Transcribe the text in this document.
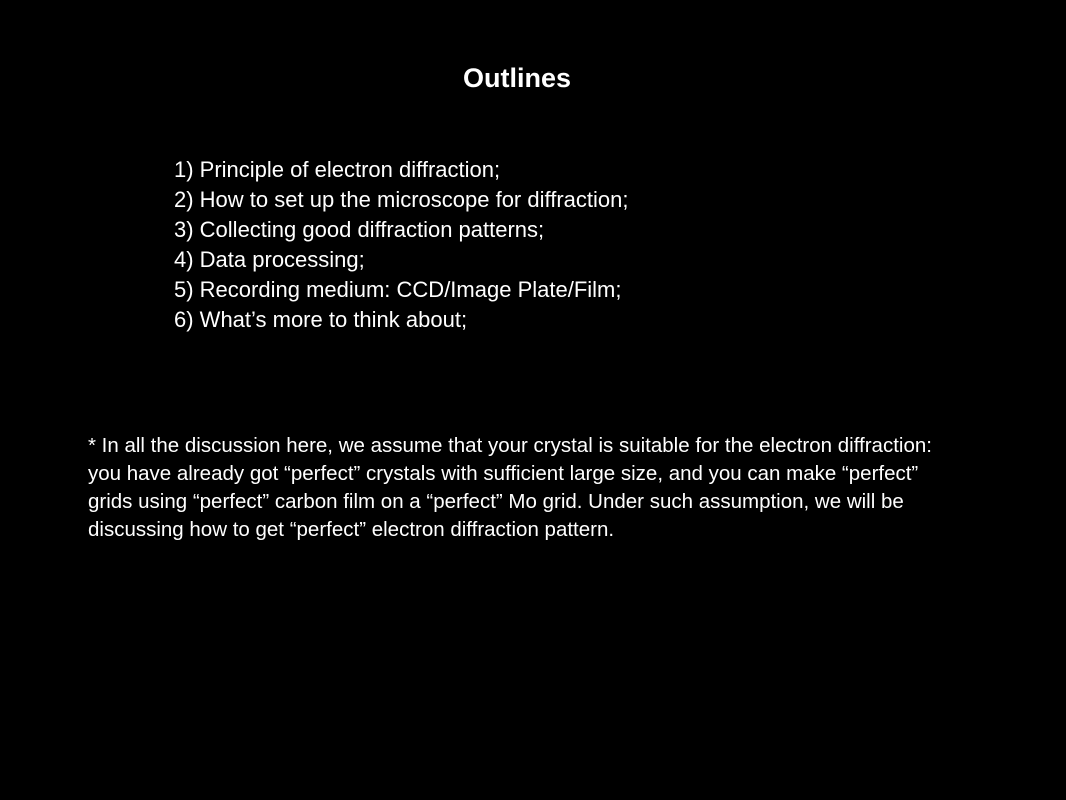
Outlines
1) Principle of electron diffraction;
2) How to set up the microscope for diffraction;
3) Collecting good diffraction patterns;
4) Data processing;
5) Recording medium: CCD/Image Plate/Film;
6) What’s more to think about;

* In all the discussion here, we assume that your crystal is suitable for the electron diffraction: you have already got “perfect” crystals with sufficient large size, and you can make “perfect” grids using “perfect” carbon film on a “perfect” Mo grid. Under such assumption, we will be discussing how to get “perfect” electron diffraction pattern.
